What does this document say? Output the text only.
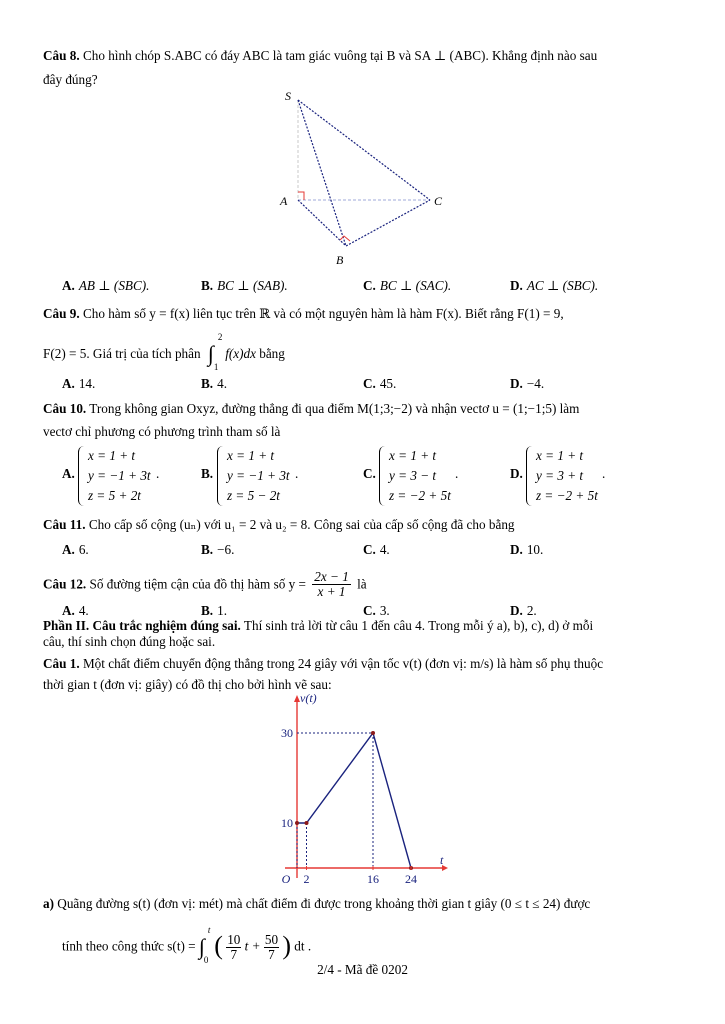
Câu 8. Cho hình chóp S.ABC có đáy ABC là tam giác vuông tại B và SA ⊥ (ABC). Khẳng định nào sau
đây đúng?
S
A	C
B
A. AB ⊥ (SBC).	B. BC ⊥ (SAB).	C. BC ⊥ (SAC).	D. AC ⊥ (SBC).
Câu 9. Cho hàm số y = f(x) liên tục trên ℝ và có một nguyên hàm là hàm F(x). Biết rằng F(1) = 9,
F(2) = 5. Giá trị của tích phân ∫
2
1
f(x)dx bằng
A. 14.	B. 4.	C. 45.	D. −4.
Câu 10. Trong không gian Oxyz, đường thẳng đi qua điểm M(1;3;−2) và nhận vectơ u = (1;−1;5) làm
vectơ chỉ phương có phương trình tham số là
A.
x = 1 + t
y = −1 + 3t
z = 5 + 2t
.	B.
x = 1 + t
y = −1 + 3t
z = 5 − 2t
.	C.
x = 1 + t
y = 3 − t
z = −2 + 5t
.	D.
x = 1 + t
y = 3 + t
z = −2 + 5t
.
Câu 11. Cho cấp số cộng (uₙ) với u₁ = 2 và u₂ = 8. Công sai của cấp số cộng đã cho bằng
A. 6.	B. −6.	C. 4.	D. 10.
Câu 12. Số đường tiệm cận của đồ thị hàm số $y = \frac{2x - 1}{x + 1}$ là
A. 4.	B. 1.	C. 3.	D. 2.
Phần II. Câu trắc nghiệm đúng sai. Thí sinh trả lời từ câu 1 đến câu 4. Trong mỗi ý a), b), c), d) ở mỗi
câu, thí sinh chọn đúng hoặc sai.
Câu 1. Một chất điểm chuyển động thẳng trong 24 giây với vận tốc v(t) (đơn vị: m/s) là hàm số phụ thuộc
thời gian t (đơn vị: giây) có đồ thị cho bởi hình vẽ sau:
2	16 24
10
30
O
t
v(t)
a) Quãng đường s(t) (đơn vị: mét) mà chất điểm đi được trong khoảng thời gian t giây (0 ≤ t ≤ 24) được
tính theo công thức s(t) = ∫
t
0 ( $\frac{10}{7}$ $t + \frac{50}{7}$ ) dt .
2/4 - Mã đề 0202
